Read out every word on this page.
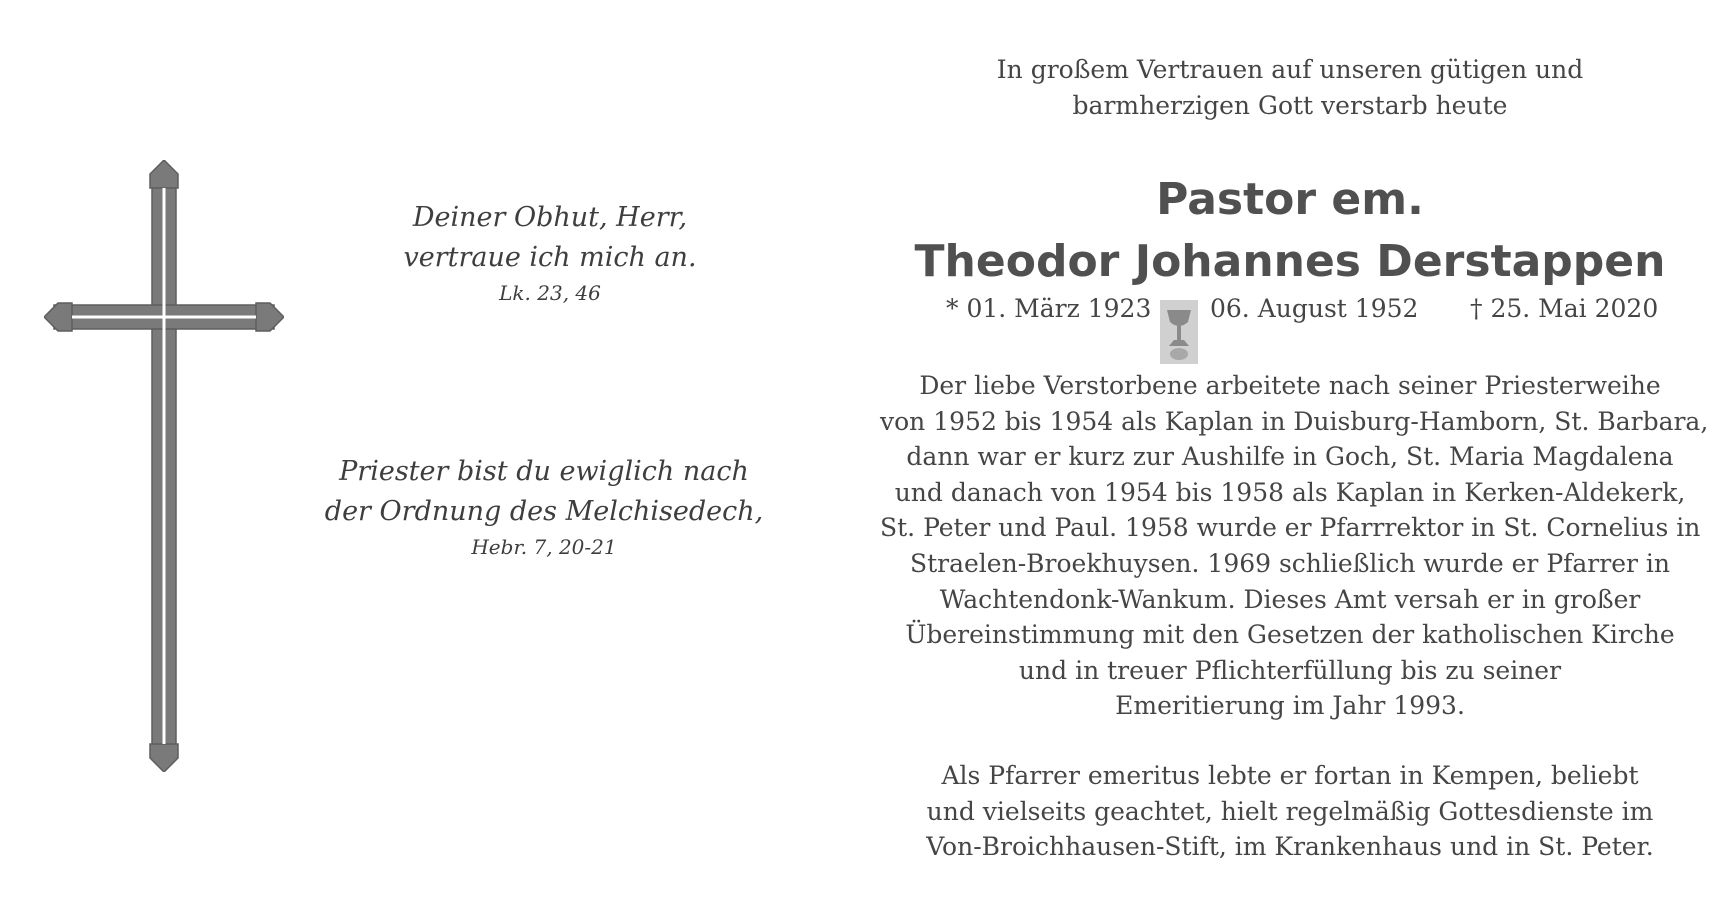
Deiner Obhut, Herr,
vertraue ich mich an.
Lk. 23, 46
Priester bist du ewiglich nach
der Ordnung des Melchisedech,
Hebr. 7, 20-21
In großem Vertrauen auf unseren gütigen und
barmherzigen Gott verstarb heute
Pastor em.
Theodor Johannes Derstappen
* 01. März 1923 06. August 1952 † 25. Mai 2020
Der liebe Verstorbene arbeitete nach seiner Priesterweihe
von 1952 bis 1954 als Kaplan in Duisburg-Hamborn, St. Barbara,
dann war er kurz zur Aushilfe in Goch, St. Maria Magdalena
und danach von 1954 bis 1958 als Kaplan in Kerken-Aldekerk,
St. Peter und Paul. 1958 wurde er Pfarrrektor in St. Cornelius in
Straelen-Broekhuysen. 1969 schließlich wurde er Pfarrer in
Wachtendonk-Wankum. Dieses Amt versah er in großer
Übereinstimmung mit den Gesetzen der katholischen Kirche
und in treuer Pflichterfüllung bis zu seiner
Emeritierung im Jahr 1993.
Als Pfarrer emeritus lebte er fortan in Kempen, beliebt
und vielseits geachtet, hielt regelmäßig Gottesdienste im
Von-Broichhausen-Stift, im Krankenhaus und in St. Peter.
